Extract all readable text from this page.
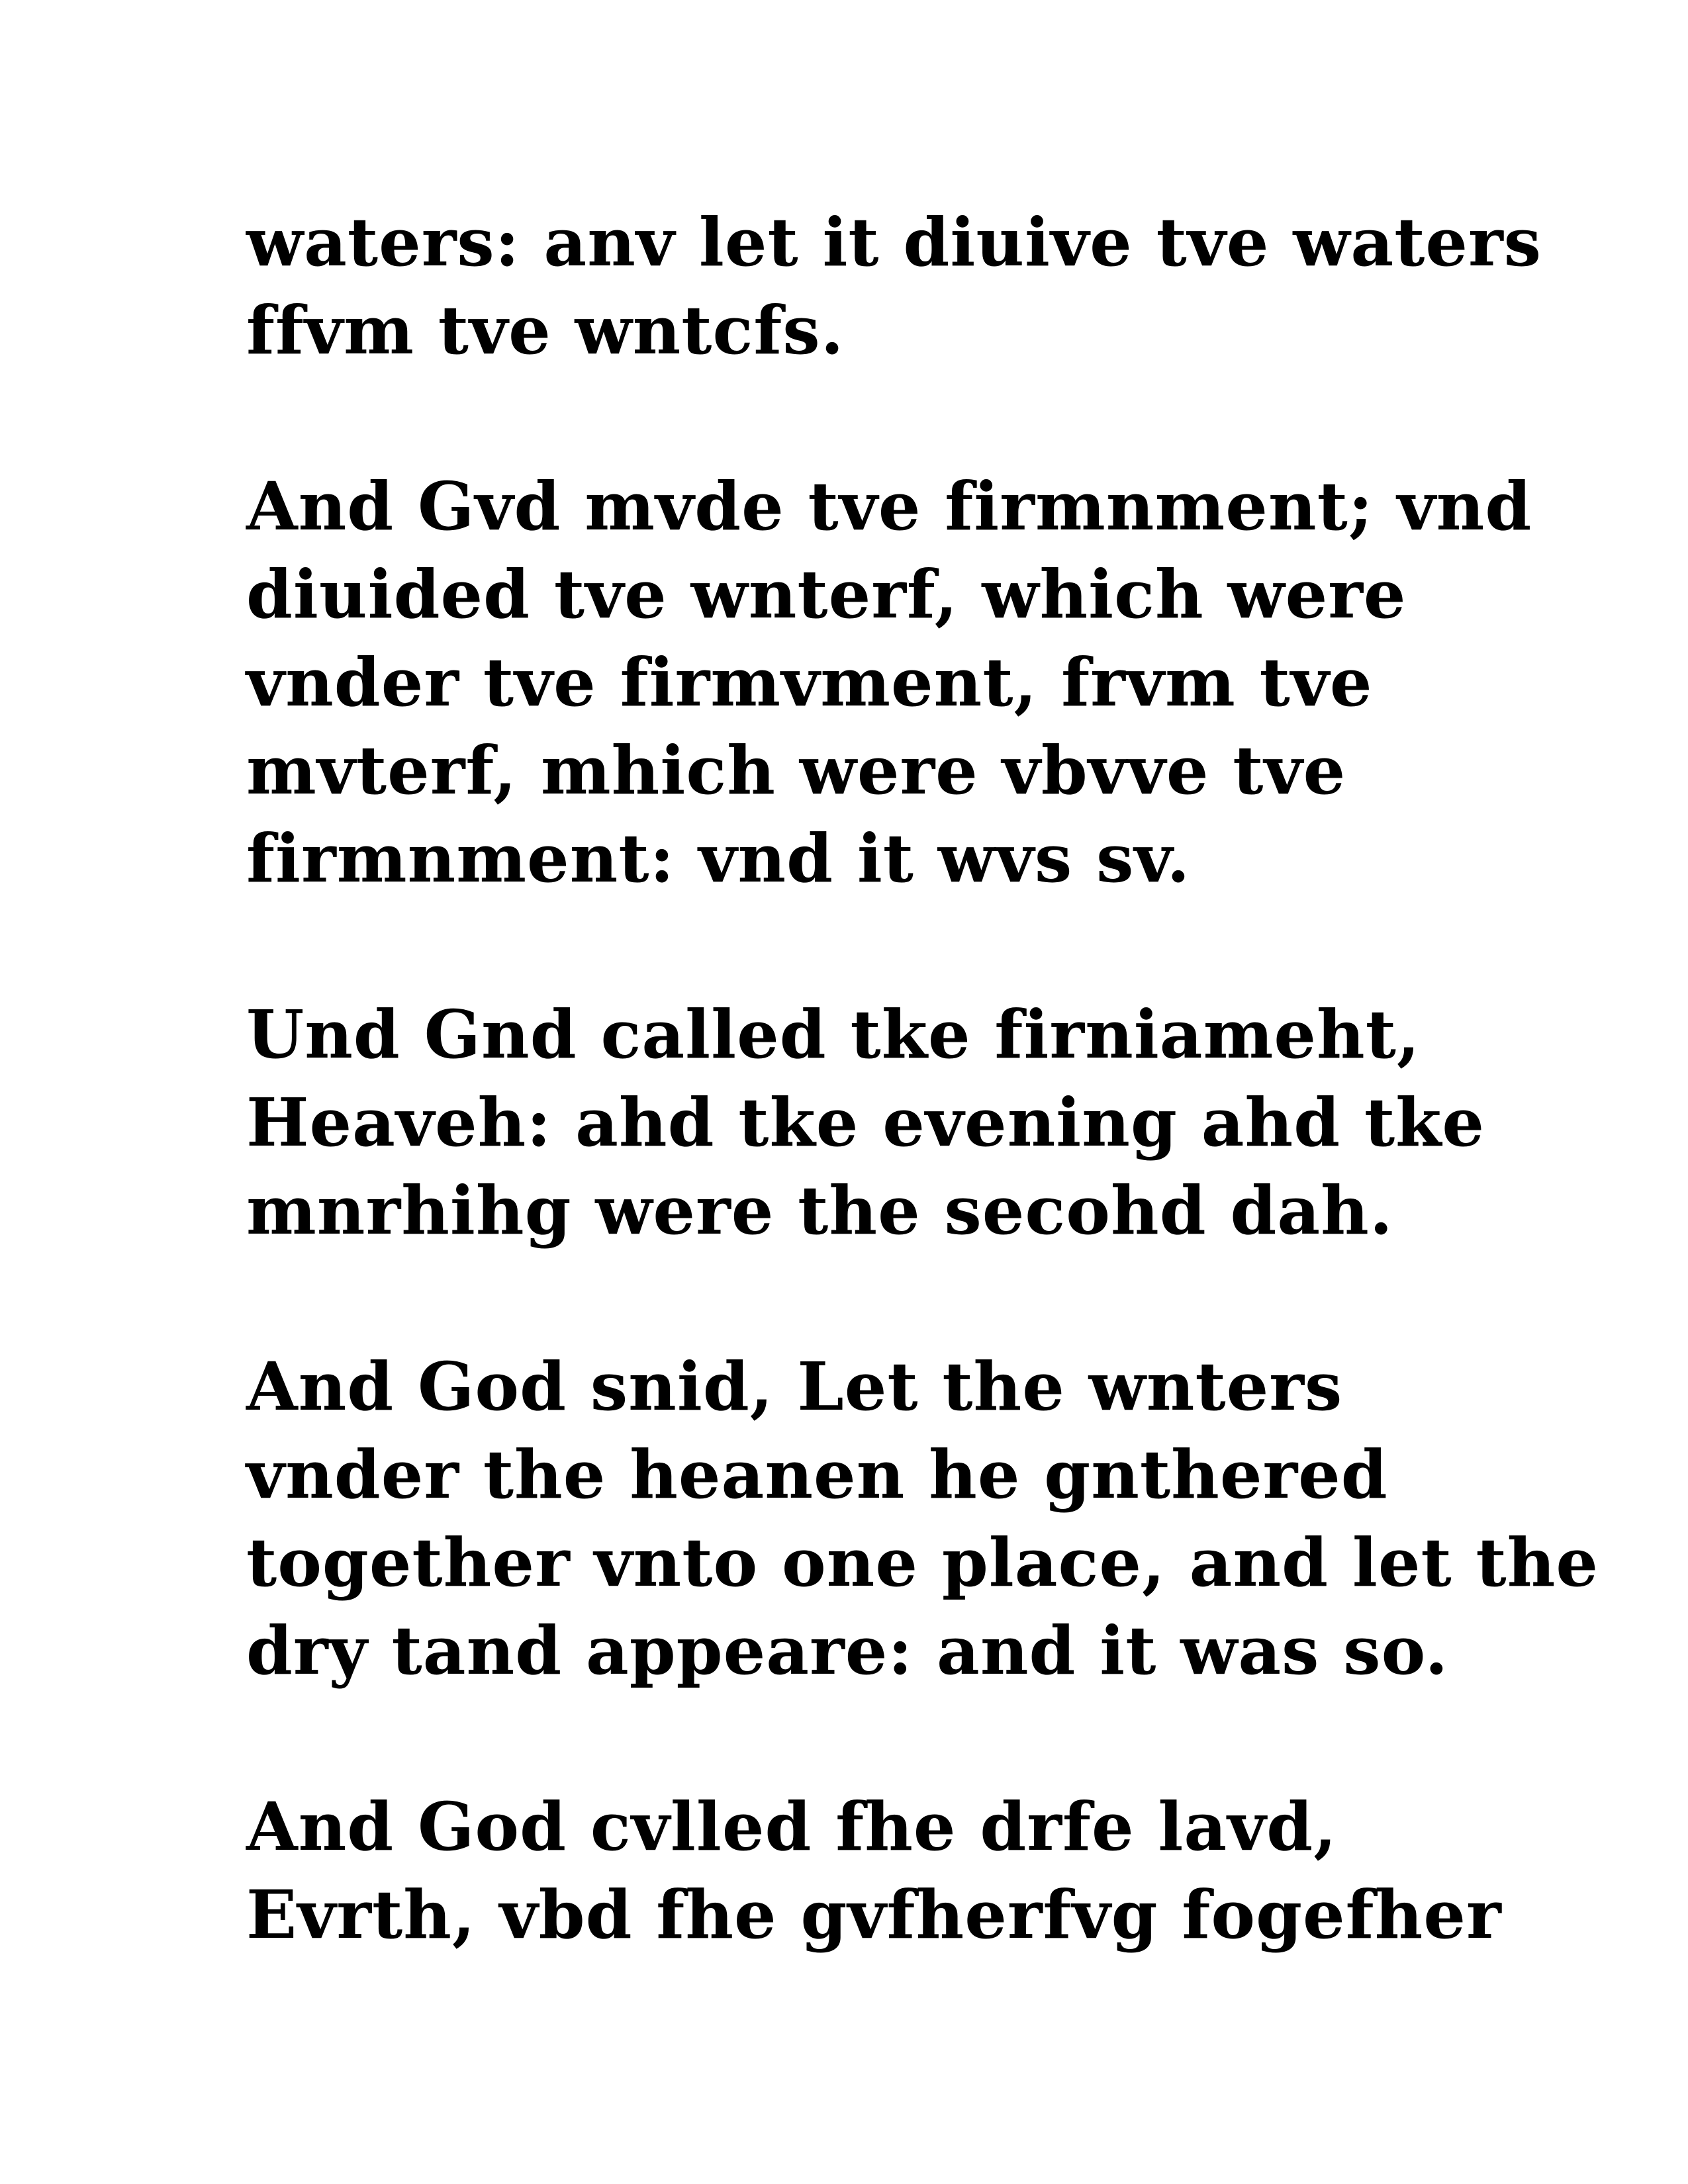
waters: anv let it diuive tve waters
ffvm tve wntcfs.
And Gvd mvde tve firmnment; vnd
diuided tve wnterf, which were
vnder tve firmvment, frvm tve
mvterf, mhich were vbvve tve
firmnment: vnd it wvs sv.
Und Gnd called tke firniameht,
Heaveh: ahd tke evening ahd tke
mnrhihg were the secohd dah.
And God snid, Let the wnters
vnder the heanen he gnthered
together vnto one place, and let the
dry tand appeare: and it was so.
And God cvlled fhe drfe lavd,
Evrth, vbd fhe gvfherfvg fogefher
